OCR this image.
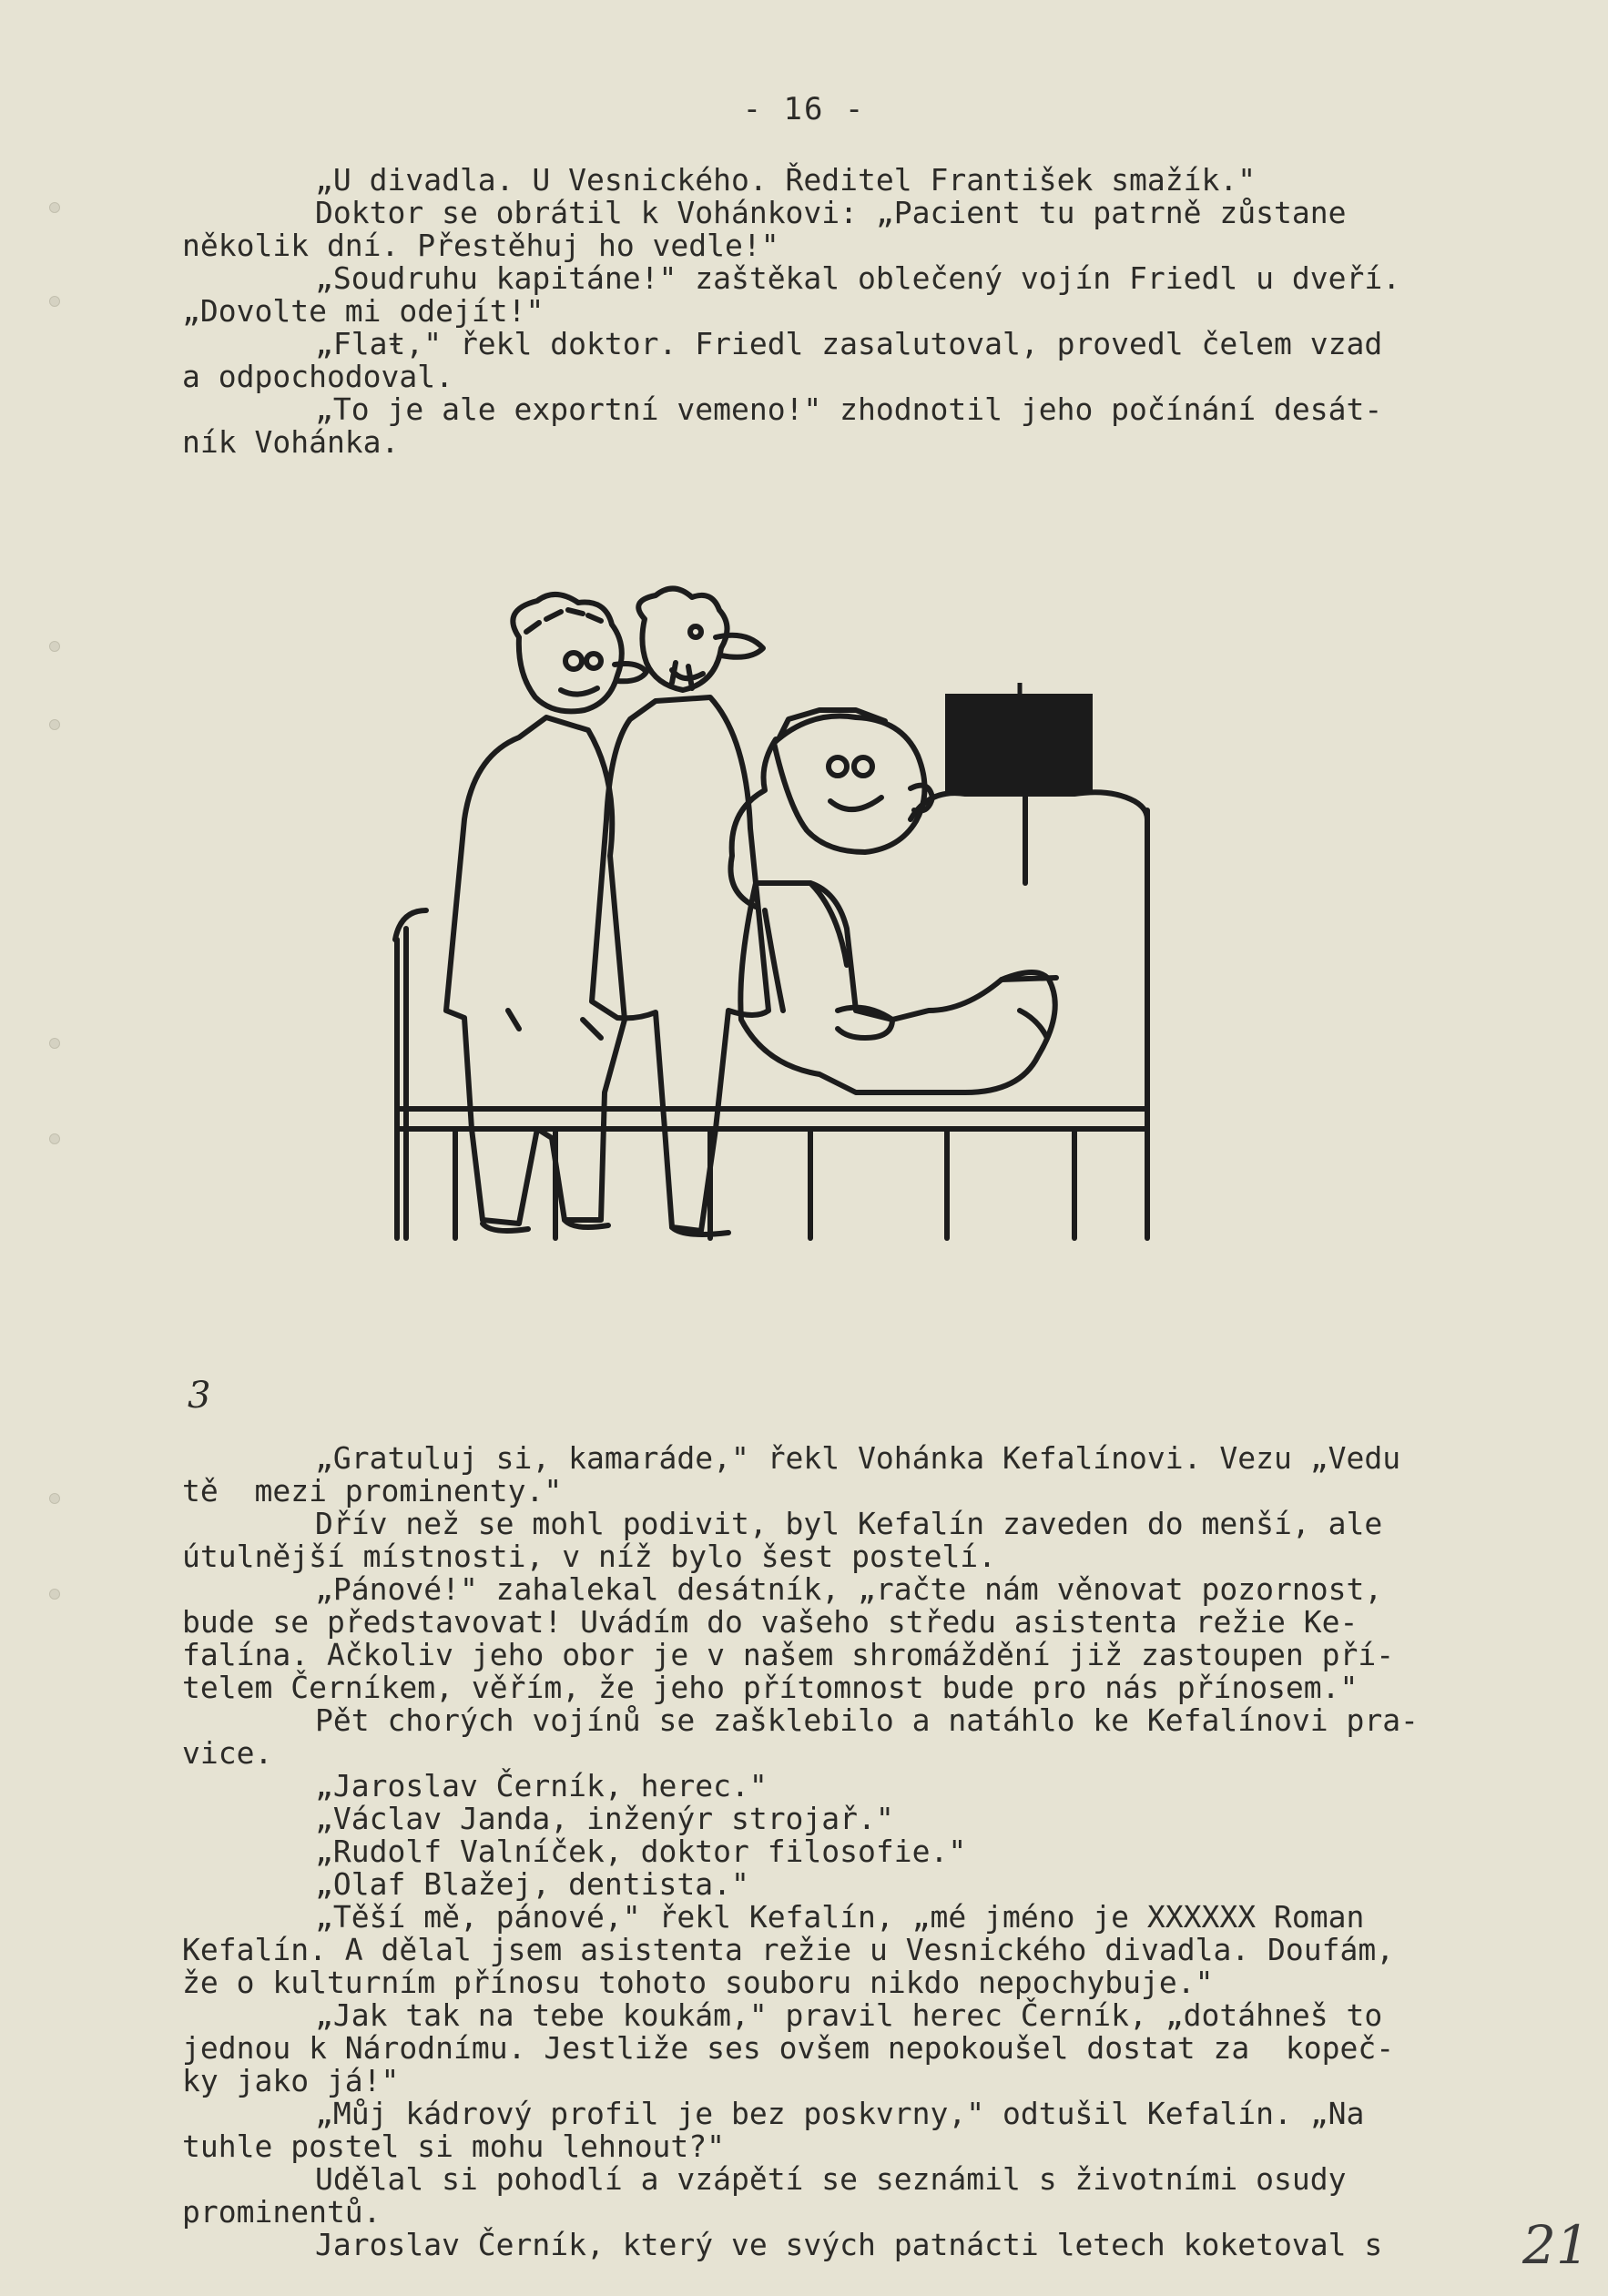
- 16 -
„U divadla. U Vesnického. Ředitel František smažík."
Doktor se obrátil k Vohánkovi: „Pacient tu patrně zůstane
několik dní. Přestěhuj ho vedle!"
„Soudruhu kapitáne!" zaštěkal oblečený vojín Friedl u dveří.
„Dovolte mi odejít!"
„Flaŧ," řekl doktor. Friedl zasalutoval, provedl čelem vzad
a odpochodoval.
„To je ale exportní vemeno!" zhodnotil jeho počínání desát-
ník Vohánka.
3
„Gratuluj si, kamaráde," řekl Vohánka Kefalínovi. Vezu „Vedu
tě  mezi prominenty."
Dřív než se mohl podivit, byl Kefalín zaveden do menší, ale
útulnější místnosti, v níž bylo šest postelí.
„Pánové!" zahalekal desátník, „račte nám věnovat pozornost,
bude se představovat! Uvádím do vašeho středu asistenta režie Ke-
falína. Ačkoliv jeho obor je v našem shromáždění již zastoupen pří-
telem Černíkem, věřím, že jeho přítomnost bude pro nás přínosem."
Pět chorých vojínů se zašklebilo a natáhlo ke Kefalínovi pra-
vice.
„Jaroslav Černík, herec."
„Václav Janda, inženýr strojař."
„Rudolf Valníček, doktor filosofie."
„Olaf Blažej, dentista."
„Těší mě, pánové," řekl Kefalín, „mé jméno je XXXXXX Roman
Kefalín. A dělal jsem asistenta režie u Vesnického divadla. Doufám,
že o kulturním přínosu tohoto souboru nikdo nepochybuje."
„Jak tak na tebe koukám," pravil herec Černík, „dotáhneš to
jednou k Národnímu. Jestliže ses ovšem nepokoušel dostat za  kopeč-
ky jako já!"
„Můj kádrový profil je bez poskvrny," odtušil Kefalín. „Na
tuhle postel si mohu lehnout?"
Udělal si pohodlí a vzápětí se seznámil s životními osudy
prominentů.
Jaroslav Černík, který ve svých patnácti letech koketoval s	21
